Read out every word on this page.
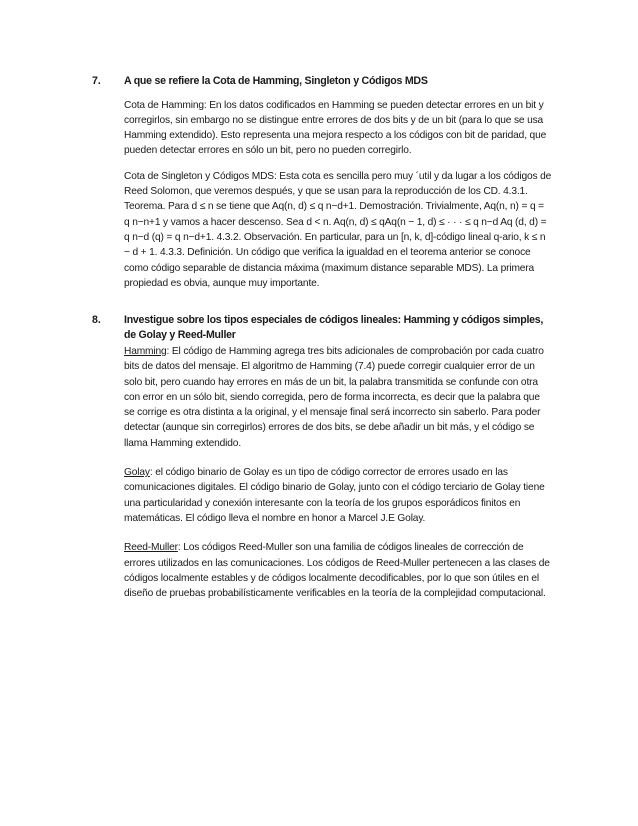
7.	A que se refiere la Cota de Hamming, Singleton y Códigos MDS

Cota de Hamming: En los datos codificados en Hamming se pueden detectar errores en un bit y corregirlos, sin embargo no se distingue entre errores de dos bits y de un bit (para lo que se usa Hamming extendido). Esto representa una mejora respecto a los códigos con bit de paridad, que pueden detectar errores en sólo un bit, pero no pueden corregirlo.

Cota de Singleton y Códigos MDS: Esta cota es sencilla pero muy ´util y da lugar a los códigos de Reed Solomon, que veremos después, y que se usan para la reproducción de los CD. 4.3.1. Teorema. Para d ≤ n se tiene que Aq(n, d) ≤ q n−d+1. Demostración. Trivialmente, Aq(n, n) = q = q n−n+1 y vamos a hacer descenso. Sea d < n. Aq(n, d) ≤ qAq(n − 1, d) ≤ · · · ≤ q n−d Aq (d, d) = q n−d (q) = q n−d+1. 4.3.2. Observación. En particular, para un [n, k, d]-código lineal q-ario, k ≤ n − d + 1. 4.3.3. Definición. Un código que verifica la igualdad en el teorema anterior se conoce como código separable de distancia máxima (maximum distance separable MDS). La primera propiedad es obvia, aunque muy importante.

8.	Investigue sobre los tipos especiales de códigos lineales: Hamming y códigos simples, de Golay y Reed-Muller

Hamming: El código de Hamming agrega tres bits adicionales de comprobación por cada cuatro bits de datos del mensaje. El algoritmo de Hamming (7.4) puede corregir cualquier error de un solo bit, pero cuando hay errores en más de un bit, la palabra transmitida se confunde con otra con error en un sólo bit, siendo corregida, pero de forma incorrecta, es decir que la palabra que se corrige es otra distinta a la original, y el mensaje final será incorrecto sin saberlo. Para poder detectar (aunque sin corregirlos) errores de dos bits, se debe añadir un bit más, y el código se llama Hamming extendido.

Golay: el código binario de Golay es un tipo de código corrector de errores usado en las comunicaciones digitales. El código binario de Golay, junto con el código terciario de Golay tiene una particularidad y conexión interesante con la teoría de los grupos esporádicos finitos en matemáticas. El código lleva el nombre en honor a Marcel J.E Golay.

Reed-Muller: Los códigos Reed-Muller son una familia de códigos lineales de corrección de errores utilizados en las comunicaciones. Los códigos de Reed-Muller pertenecen a las clases de códigos localmente estables y de códigos localmente decodificables, por lo que son útiles en el diseño de pruebas probabilísticamente verificables en la teoría de la complejidad computacional.
